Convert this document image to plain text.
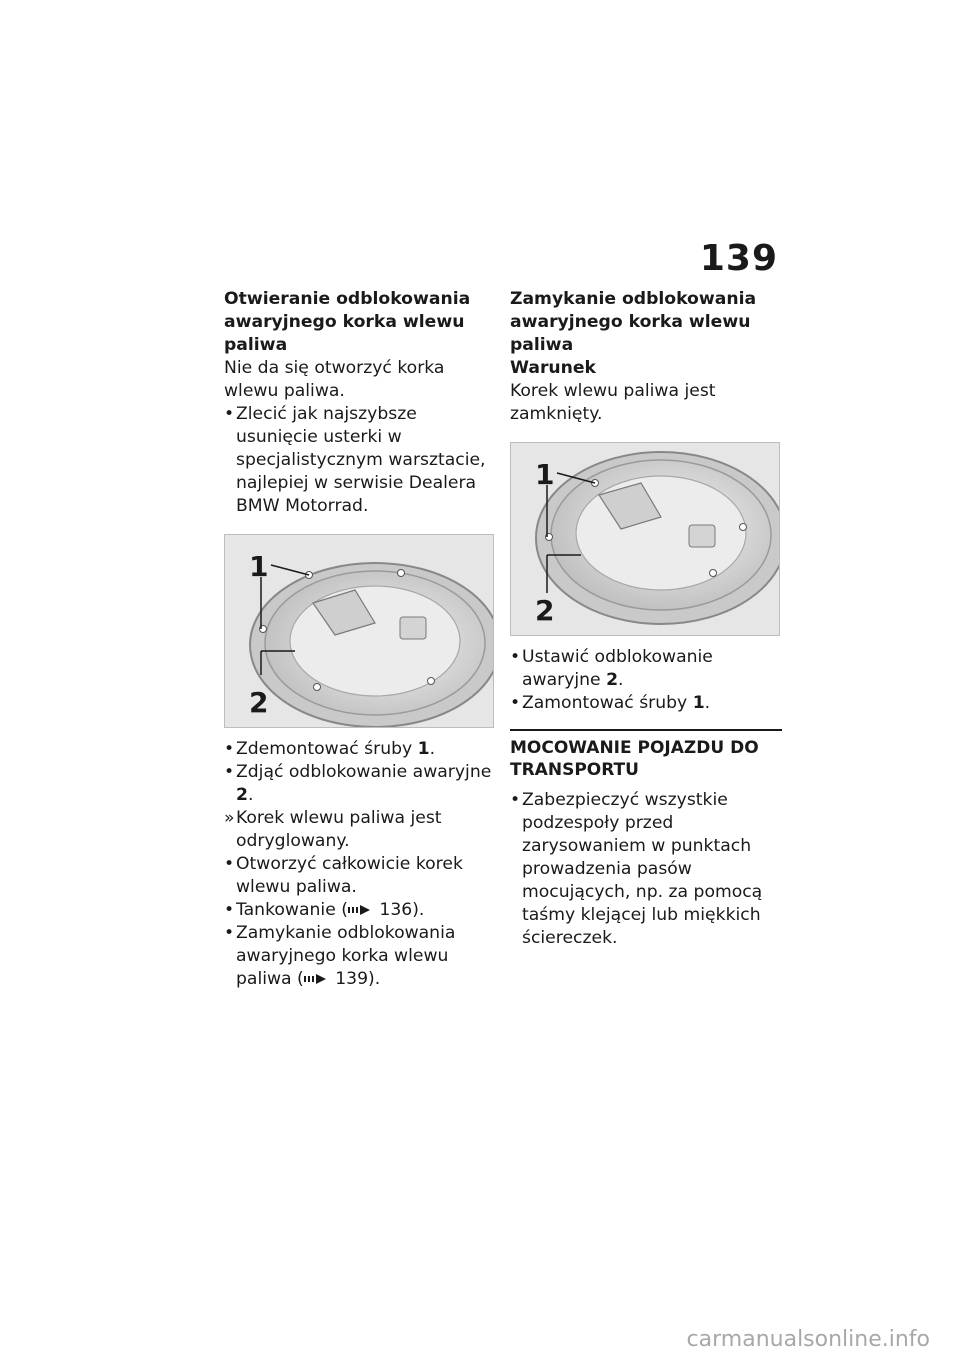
139

Otwieranie odblokowania awaryjnego korka wlewu paliwa

Nie da się otworzyć korka wlewu paliwa.

• Zlecić jak najszybsze usunięcie usterki w specjalistycznym warsztacie, najlepiej w serwisie Dealera BMW Motorrad.
1
2
• Zdemontować śruby 1.
• Zdjąć odblokowanie awaryjne 2.
» Korek wlewu paliwa jest odryglowany.
• Otworzyć całkowicie korek wlewu paliwa.
• Tankowanie ( 136).
• Zamykanie odblokowania awaryjnego korka wlewu paliwa ( 139).

Zamykanie odblokowania awaryjnego korka wlewu paliwa

Warunek

Korek wlewu paliwa jest zamknięty.

1
2
• Ustawić odblokowanie awaryjne 2.
• Zamontować śruby 1.
MOCOWANIE POJAZDU DO TRANSPORTU
• Zabezpieczyć wszystkie podzespoły przed zarysowaniem w punktach prowadzenia pasów mocujących, np. za pomocą taśmy klejącej lub miękkich ściereczek.
carmanualsonline.info
